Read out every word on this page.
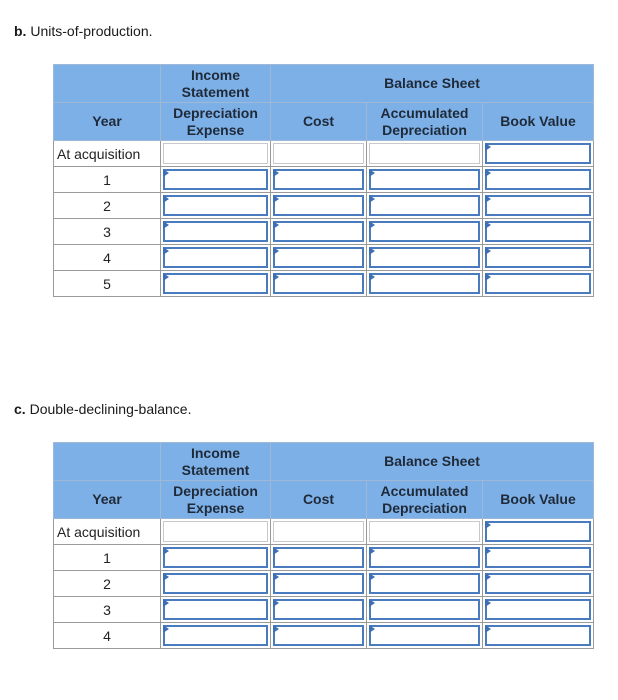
b. Units-of-production.
	Income Statement	Balance Sheet		
Year	Depreciation Expense	Cost	Accumulated Depreciation	Book Value
At acquisition	

1	

2	

3	

4	

5	

c. Double-declining-balance.
	Income Statement	Balance Sheet		
Year	Depreciation Expense	Cost	Accumulated Depreciation	Book Value
At acquisition	

1	

2	

3	

4	
